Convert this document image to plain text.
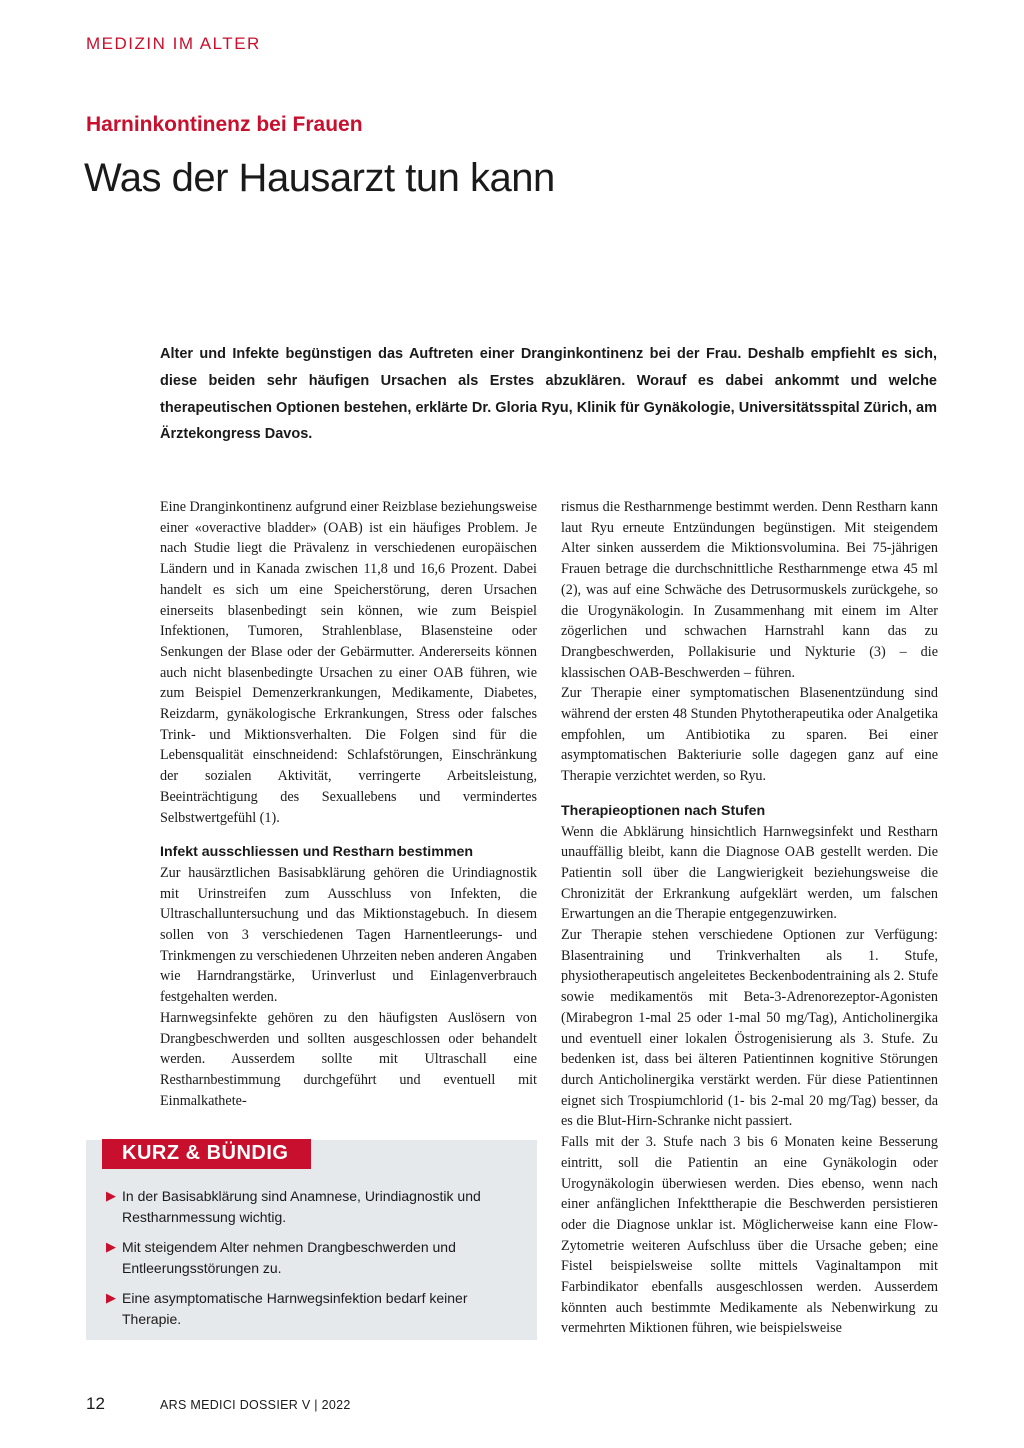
MEDIZIN IM ALTER
Harninkontinenz bei Frauen
Was der Hausarzt tun kann
Alter und Infekte begünstigen das Auftreten einer Dranginkontinenz bei der Frau. Deshalb empfiehlt es sich, diese beiden sehr häufigen Ursachen als Erstes abzuklären. Worauf es dabei ankommt und welche therapeutischen Optionen bestehen, erklärte Dr. Gloria Ryu, Klinik für Gynäkologie, Universitätsspital Zürich, am Ärztekongress Davos.

Eine Dranginkontinenz aufgrund einer Reizblase beziehungsweise einer «overactive bladder» (OAB) ist ein häufiges Problem. Je nach Studie liegt die Prävalenz in verschiedenen europäischen Ländern und in Kanada zwischen 11,8 und 16,6 Prozent. Dabei handelt es sich um eine Speicherstörung, deren Ursachen einerseits blasenbedingt sein können, wie zum Beispiel Infektionen, Tumoren, Strahlenblase, Blasensteine oder Senkungen der Blase oder der Gebärmutter. Andererseits können auch nicht blasenbedingte Ursachen zu einer OAB führen, wie zum Beispiel Demenzerkrankungen, Medikamente, Diabetes, Reizdarm, gynäkologische Erkrankungen, Stress oder falsches Trink- und Miktionsverhalten. Die Folgen sind für die Lebensqualität einschneidend: Schlafstörungen, Einschränkung der sozialen Aktivität, verringerte Arbeitsleistung, Beeinträchtigung des Sexuallebens und vermindertes Selbstwertgefühl (1).

Infekt ausschliessen und Restharn bestimmen

Zur hausärztlichen Basisabklärung gehören die Urindiagnostik mit Urinstreifen zum Ausschluss von Infekten, die Ultraschalluntersuchung und das Miktionstagebuch. In diesem sollen von 3 verschiedenen Tagen Harnentleerungs- und Trinkmengen zu verschiedenen Uhrzeiten neben anderen Angaben wie Harndrangstärke, Urinverlust und Einlagenverbrauch festgehalten werden.

Harnwegsinfekte gehören zu den häufigsten Auslösern von Drangbeschwerden und sollten ausgeschlossen oder behandelt werden. Ausserdem sollte mit Ultraschall eine Restharnbestimmung durchgeführt und eventuell mit Einmalkathete-

rismus die Restharnmenge bestimmt werden. Denn Restharn kann laut Ryu erneute Entzündungen begünstigen. Mit steigendem Alter sinken ausserdem die Miktionsvolumina. Bei 75-jährigen Frauen betrage die durchschnittliche Restharnmenge etwa 45 ml (2), was auf eine Schwäche des Detrusormuskels zurückgehe, so die Urogynäkologin. In Zusammenhang mit einem im Alter zögerlichen und schwachen Harnstrahl kann das zu Drangbeschwerden, Pollakisurie und Nykturie (3) – die klassischen OAB-Beschwerden – führen.

Zur Therapie einer symptomatischen Blasenentzündung sind während der ersten 48 Stunden Phytotherapeutika oder Analgetika empfohlen, um Antibiotika zu sparen. Bei einer asymptomatischen Bakteriurie solle dagegen ganz auf eine Therapie verzichtet werden, so Ryu.

Therapieoptionen nach Stufen

Wenn die Abklärung hinsichtlich Harnwegsinfekt und Restharn unauffällig bleibt, kann die Diagnose OAB gestellt werden. Die Patientin soll über die Langwierigkeit beziehungsweise die Chronizität der Erkrankung aufgeklärt werden, um falschen Erwartungen an die Therapie entgegenzuwirken.

Zur Therapie stehen verschiedene Optionen zur Verfügung: Blasentraining und Trinkverhalten als 1. Stufe, physiotherapeutisch angeleitetes Beckenbodentraining als 2. Stufe sowie medikamentös mit Beta-3-Adrenorezeptor-Agonisten (Mirabegron 1-mal 25 oder 1-mal 50 mg/Tag), Anticholinergika und eventuell einer lokalen Östrogenisierung als 3. Stufe. Zu bedenken ist, dass bei älteren Patientinnen kognitive Störungen durch Anticholinergika verstärkt werden. Für diese Patientinnen eignet sich Trospiumchlorid (1- bis 2-mal 20 mg/Tag) besser, da es die Blut-Hirn-Schranke nicht passiert.

Falls mit der 3. Stufe nach 3 bis 6 Monaten keine Besserung eintritt, soll die Patientin an eine Gynäkologin oder Urogynäkologin überwiesen werden. Dies ebenso, wenn nach einer anfänglichen Infekttherapie die Beschwerden persistieren oder die Diagnose unklar ist. Möglicherweise kann eine Flow-Zytometrie weiteren Aufschluss über die Ursache geben; eine Fistel beispielsweise sollte mittels Vaginaltampon mit Farbindikator ebenfalls ausgeschlossen werden. Ausserdem könnten auch bestimmte Medikamente als Nebenwirkung zu vermehrten Miktionen führen, wie beispielsweise

KURZ & BÜNDIG
▶ In der Basisabklärung sind Anamnese, Urindiagnostik und Restharnmessung wichtig.
▶ Mit steigendem Alter nehmen Drangbeschwerden und Entleerungsstörungen zu.
▶ Eine asymptomatische Harnwegsinfektion bedarf keiner Therapie.
12	ARS MEDICI DOSSIER V | 2022
